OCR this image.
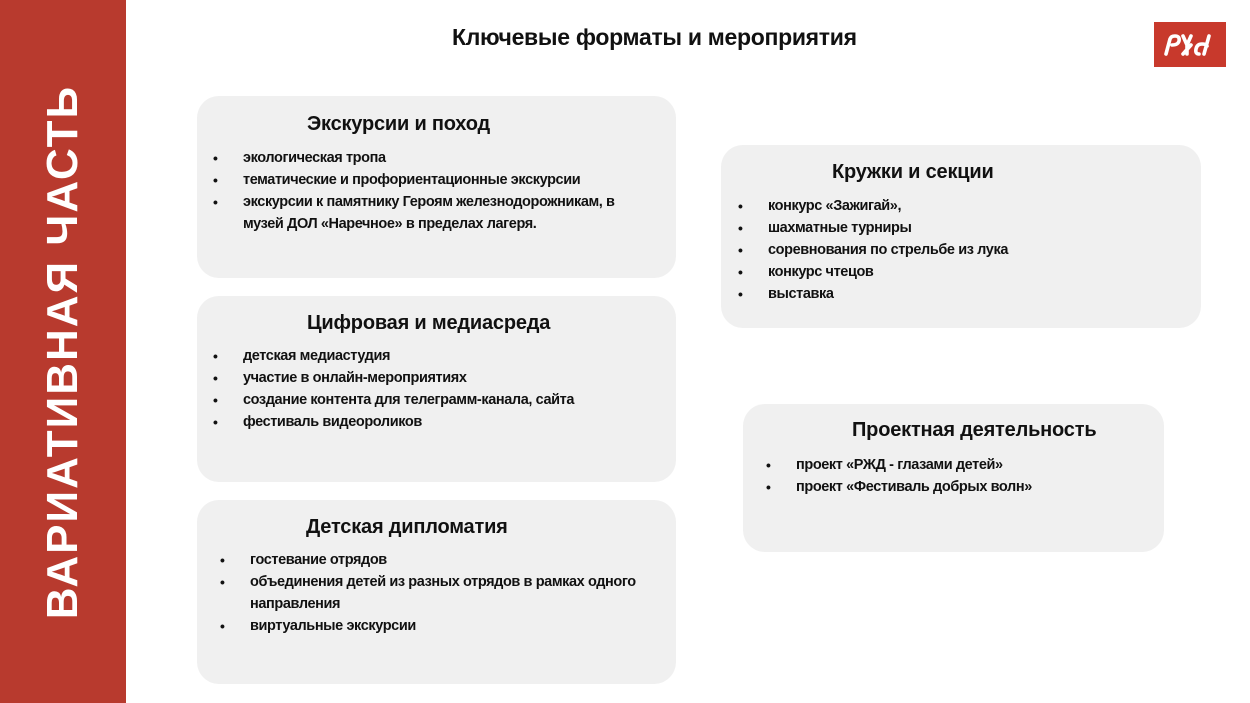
ВАРИАТИВНАЯ ЧАСТЬ
Ключевые форматы и мероприятия
Экскурсии и поход
• экологическая тропа
• тематические и профориентационные экскурсии
• экскурсии к памятнику Героям железнодорожникам, в музей ДОЛ «Наречное» в пределах лагеря.
Цифровая и медиасреда
• детская медиастудия
• участие в онлайн-мероприятиях
• создание контента для телеграмм-канала, сайта
• фестиваль видеороликов
Детская дипломатия
• гостевание отрядов
• объединения детей из разных отрядов в рамках одного направления
• виртуальные экскурсии
Кружки и секции
• конкурс «Зажигай»,
• шахматные турниры
• соревнования по стрельбе из лука
• конкурс чтецов
• выставка
Проектная деятельность
• проект «РЖД - глазами детей»
• проект «Фестиваль добрых волн»
